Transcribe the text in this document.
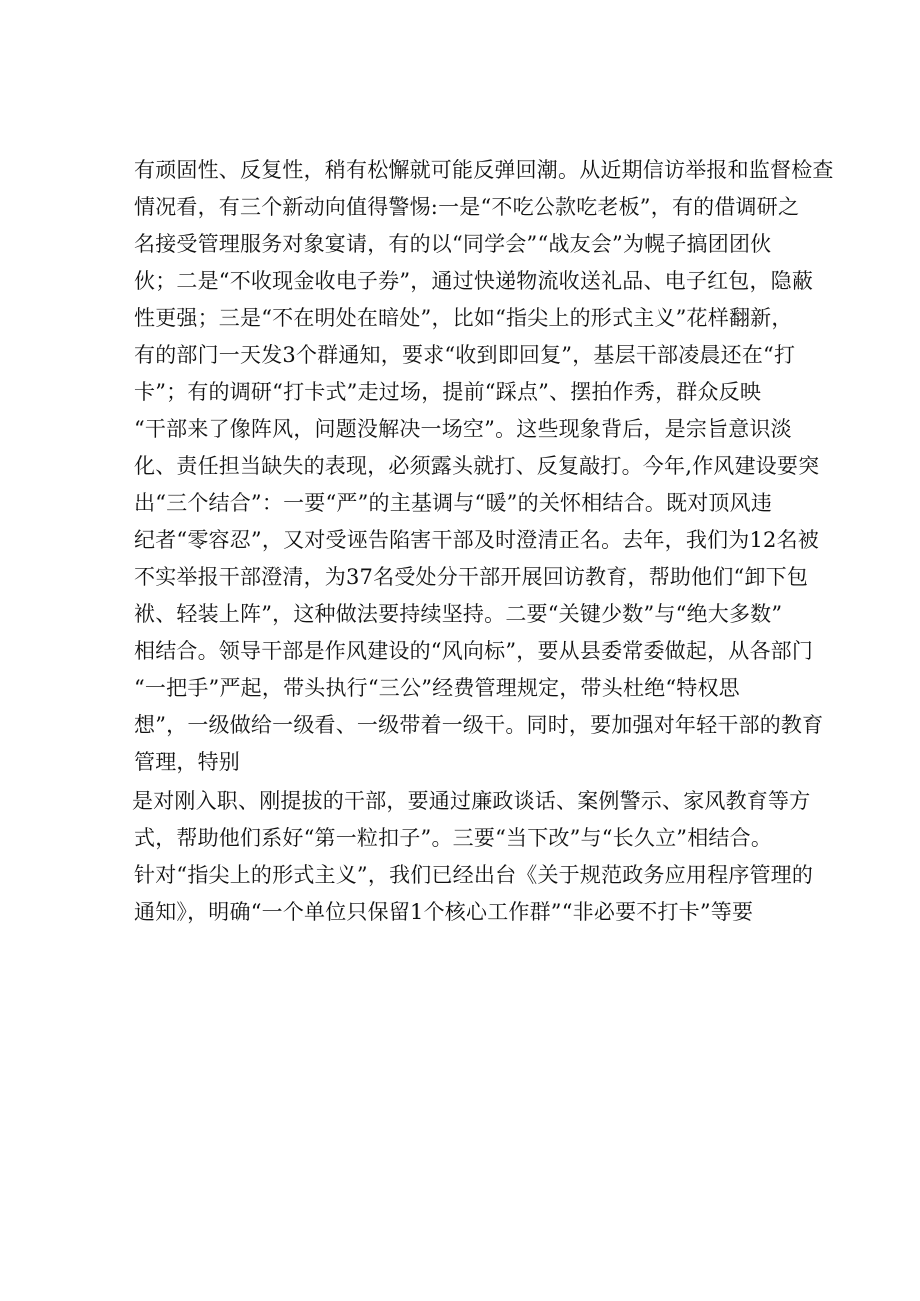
有顽固性、反复性，稍有松懈就可能反弹回潮。从近期信访举报和监督检查
情况看，有三个新动向值得警惕:一是“不吃公款吃老板”，有的借调研之
名接受管理服务对象宴请，有的以“同学会”“战友会”为幌子搞团团伙
伙；二是“不收现金收电子券”，通过快递物流收送礼品、电子红包，隐蔽
性更强；三是“不在明处在暗处”，比如“指尖上的形式主义”花样翻新，
有的部门一天发3个群通知，要求“收到即回复”，基层干部凌晨还在“打
卡”；有的调研“打卡式”走过场，提前“踩点”、摆拍作秀，群众反映
“干部来了像阵风，问题没解决一场空”。这些现象背后，是宗旨意识淡
化、责任担当缺失的表现，必须露头就打、反复敲打。今年,作风建设要突
出“三个结合”：一要“严”的主基调与“暖”的关怀相结合。既对顶风违
纪者“零容忍”，又对受诬告陷害干部及时澄清正名。去年，我们为12名被
不实举报干部澄清，为37名受处分干部开展回访教育，帮助他们“卸下包
袱、轻装上阵”，这种做法要持续坚持。二要“关键少数”与“绝大多数”
相结合。领导干部是作风建设的“风向标”，要从县委常委做起，从各部门
“一把手”严起，带头执行“三公”经费管理规定，带头杜绝“特权思
想”，一级做给一级看、一级带着一级干。同时，要加强对年轻干部的教育
管理，特别
是对刚入职、刚提拔的干部，要通过廉政谈话、案例警示、家风教育等方
式，帮助他们系好“第一粒扣子”。三要“当下改”与“长久立”相结合。
针对“指尖上的形式主义”，我们已经出台《关于规范政务应用程序管理的
通知》，明确“一个单位只保留1个核心工作群”“非必要不打卡”等要
